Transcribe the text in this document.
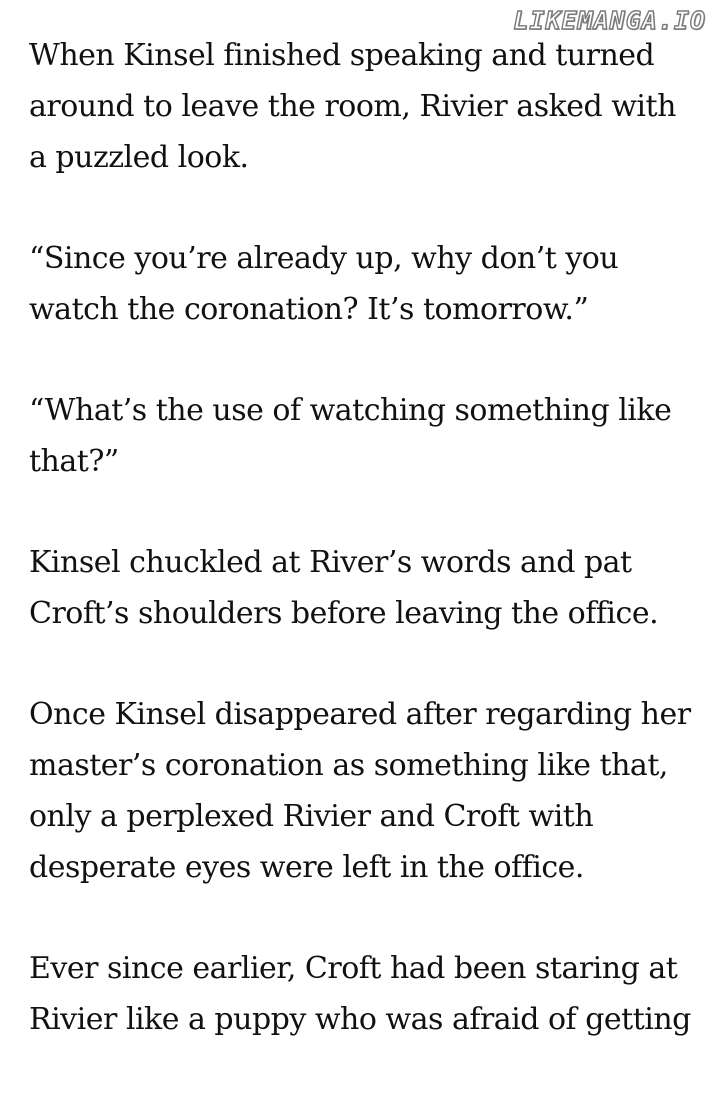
LIKEMANGA.IO

When Kinsel finished speaking and turned
around to leave the room, Rivier asked with
a puzzled look.

“Since you’re already up, why don’t you
watch the coronation? It’s tomorrow.”

“What’s the use of watching something like
that?”

Kinsel chuckled at River’s words and pat
Croft’s shoulders before leaving the office.

Once Kinsel disappeared after regarding her
master’s coronation as something like that,
only a perplexed Rivier and Croft with
desperate eyes were left in the office.

Ever since earlier, Croft had been staring at
Rivier like a puppy who was afraid of getting
